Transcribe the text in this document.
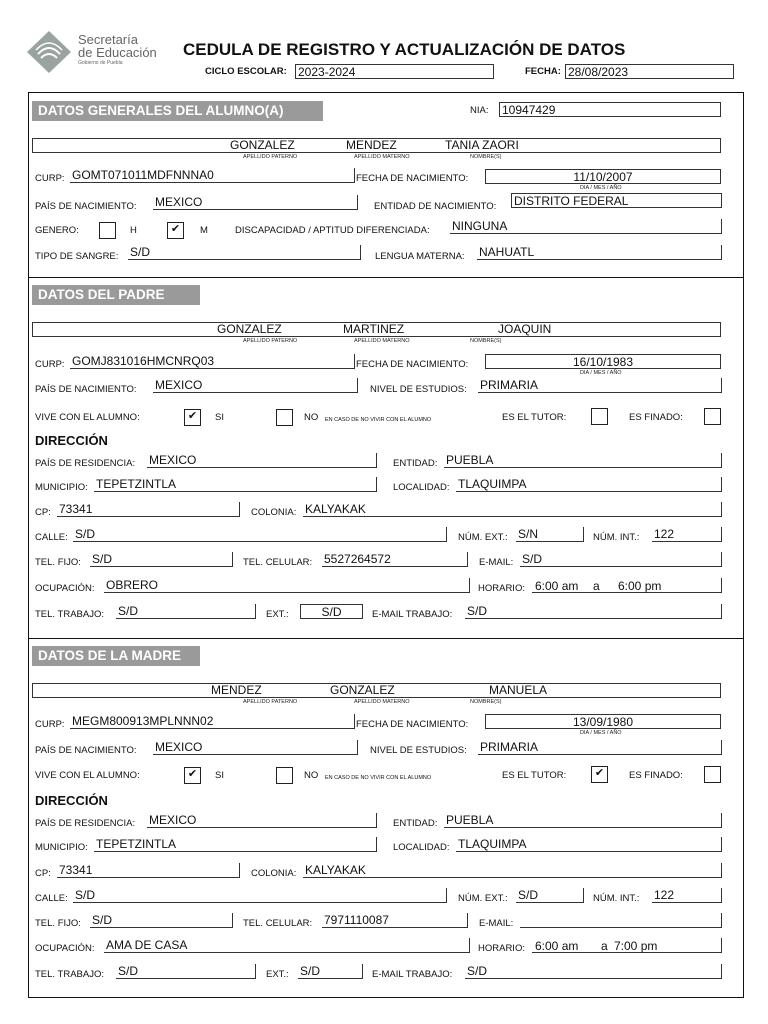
Secretaría
de Educación
Gobierno de Puebla
CEDULA DE REGISTRO Y ACTUALIZACIÓN DE DATOS
CICLO ESCOLAR: 2023-2024	FECHA: 28/08/2023
DATOS GENERALES DEL ALUMNO(A)	NIA: 10947429
GONZALEZ	MENDEZ	TANIA ZAORI
APELLIDO PATERNO	APELLIDO MATERNO	NOMBRE(S)
CURP: GOMT071011MDFNNNA0	FECHA DE NACIMIENTO:	11/10/2007
DIA / MES / AÑO
PAÍS DE NACIMIENTO: MEXICO	ENTIDAD DE NACIMIENTO: DISTRITO FEDERAL
GENERO:	H	✔	M	DISCAPACIDAD / APTITUD DIFERENCIADA: NINGUNA
TIPO DE SANGRE: S/D	LENGUA MATERNA: NAHUATL
DATOS DEL PADRE
GONZALEZ	MARTINEZ	JOAQUIN
APELLIDO PATERNO	APELLIDO MATERNO	NOMBRE(S)
CURP: GOMJ831016HMCNRQ03	FECHA DE NACIMIENTO:	16/10/1983
DIA / MES / AÑO
PAÍS DE NACIMIENTO: MEXICO	NIVEL DE ESTUDIOS: PRIMARIA
VIVE CON EL ALUMNO:	✔	SI	NO EN CASO DE NO VIVIR CON EL ALUMNO	ES EL TUTOR:	ES FINADO:
DIRECCIÓN
PAÍS DE RESIDENCIA: MEXICO	ENTIDAD: PUEBLA
MUNICIPIO: TEPETZINTLA	LOCALIDAD: TLAQUIMPA
CP: 73341	COLONIA: KALYAKAK
CALLE: S/D	NÚM. EXT.: S/N	NÚM. INT.: 122
TEL. FIJO: S/D	TEL. CELULAR: 5527264572	E-MAIL: S/D
OCUPACIÓN: OBRERO	HORARIO: 6:00 am a 6:00 pm
TEL. TRABAJO: S/D	EXT.:	S/D	E-MAIL TRABAJO: S/D
DATOS DE LA MADRE
MENDEZ	GONZALEZ	MANUELA
APELLIDO PATERNO	APELLIDO MATERNO	NOMBRE(S)
CURP: MEGM800913MPLNNN02	FECHA DE NACIMIENTO:	13/09/1980
DIA / MES / AÑO
PAÍS DE NACIMIENTO: MEXICO	NIVEL DE ESTUDIOS: PRIMARIA
VIVE CON EL ALUMNO:	✔	SI	NO EN CASO DE NO VIVIR CON EL ALUMNO	ES EL TUTOR:	✔	ES FINADO:
DIRECCIÓN
PAÍS DE RESIDENCIA: MEXICO	ENTIDAD: PUEBLA
MUNICIPIO: TEPETZINTLA	LOCALIDAD: TLAQUIMPA
CP: 73341	COLONIA: KALYAKAK
CALLE: S/D	NÚM. EXT.: S/D	NÚM. INT.: 122
TEL. FIJO: S/D	TEL. CELULAR: 7971110087	E-MAIL:
OCUPACIÓN: AMA DE CASA	HORARIO: 6:00 am a 7:00 pm
TEL. TRABAJO: S/D	EXT.: S/D	E-MAIL TRABAJO: S/D
